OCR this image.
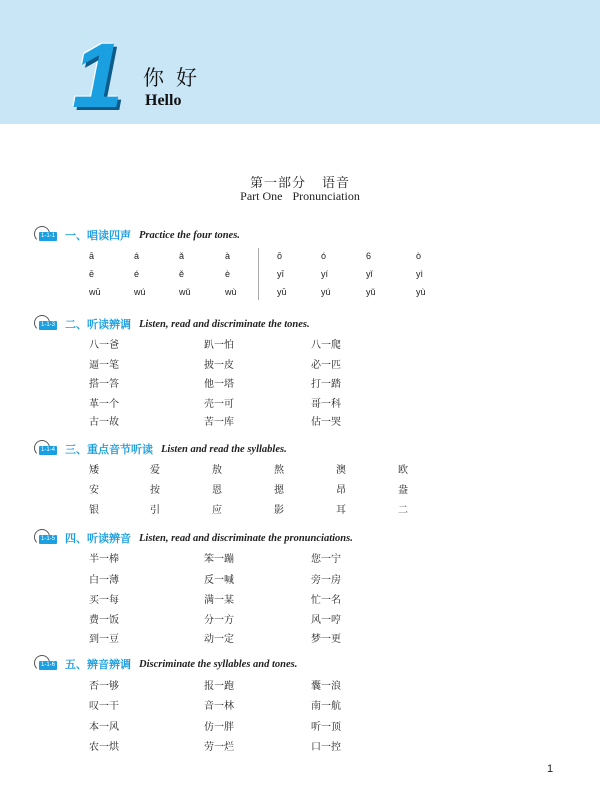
1 你好
Hello
第一部分 语音
Part One Pronunciation
1-1-1 一、唱读四声 Practice the four tones.
1-1-3 二、听读辨调 Listen, read and discriminate the tones.
1-1-4 三、重点音节听读 Listen and read the syllables.
1-1-5 四、听读辨音 Listen, read and discriminate the pronunciations.
1-1-6 五、辨音辨调 Discriminate the syllables and tones.
ā	á	ǎ	à	ō	ó	6	ò
ē	é	ě	è	yī	yí	yǐ	yì
wū	wú	wǔ	wù	yū	yú	yǔ	yù
八一爸	趴一怕	八一爬
逼一笔	披一皮	必一匹
搭一答	他一塔	打一踏
革一个	壳一可	哥一科
古一故	苦一库	估一哭
矮	爱	敖	熬	澳	欧
安	按	恩	摁	昂	盎
银	引	应	影	耳	二
半一棒	笨一蹦	您一宁
白一薄	反一喊	旁一房
买一每	满一某	忙一名
费一饭	分一方	风一哼
到一豆	动一定	梦一更
否一够	报一跑	囊一浪
叹一干	音一林	南一航
本一风	仿一胖	听一顶
农一烘	劳一烂	口一控
1
